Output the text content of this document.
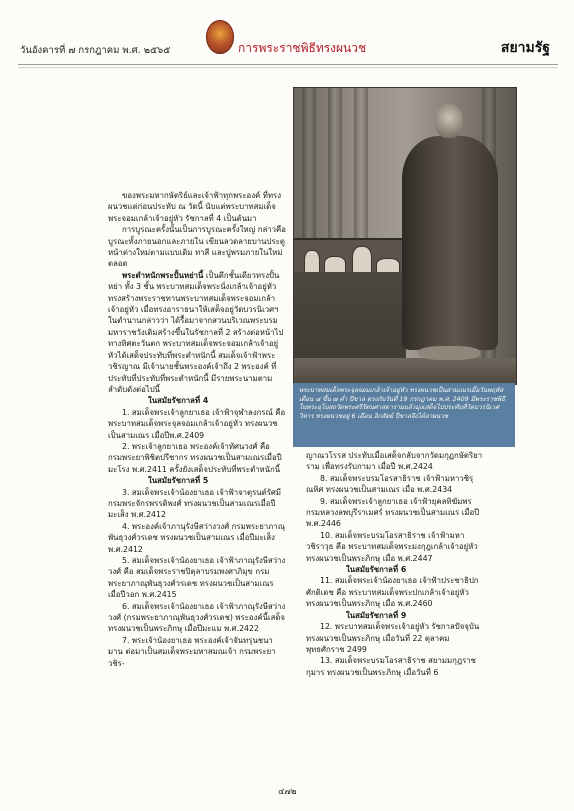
วันอังคารที่ ๗ กรกฎาคม พ.ศ. ๒๕๖๕	การพระราชพิธีทรงผนวช	สยามรัฐ
พระบาทสมเด็จพระจุลจอมเกล้าเจ้าอยู่หัว ทรงผนวชเป็นสามเณรเมื่อวันพฤหัส เดือน ๘ ขึ้น ๗ ค่ำ ปีขาล ตรงกับวันที่ 19 กรกฎาคม พ.ศ. 2409 มีพระราชพิธีในพระอุโบสถวัดพระศรีรัตนศาสดารามแล้วมุ่งเสด็จไปประทับที่วัดบวรนิเวศวิหาร ทรงผนวชอยู่ 6 เดือน ลิกสัตย์ ปีขาลจึงได้ลาผนวช

ของพระมหากษัตริย์และเจ้าฟ้าทุกพระองค์ ที่ทรงผนวชแต่ก่อนประทับ ณ วัดนี้ นับแต่พระบาทสมเด็จพระจอมเกล้าเจ้าอยู่หัว รัชกาลที่ 4 เป็นต้นมา

การบูรณะครั้งนั้นเป็นการบูรณะครั้งใหญ่ กล่าวคือบูรณะทั้งภายนอกและภายใน เขียนลวดลายบานประตูหน้าต่างใหม่ตามแบบเดิม ทาสี และปูพรมภายในใหม่ตลอด

พระตำหนักพระปั้นหย่านี้ เป็นตึกชั้นเดียวทรงปั้นหย่า ทั้ง 3 ชั้น พระบาทสมเด็จพระนั่งเกล้าเจ้าอยู่หัวทรงสร้างพระราชทานพระบาทสมเด็จพระจอมเกล้าเจ้าอยู่หัว เมื่อทรงอาราธนาให้เสด็จอยู่วัดบวรนิเวศฯ ในตำนานกล่าวว่า ได้รื้อมาจากสวนบริเวณพระบรมมหาราชวังเดิมสร้างขึ้นในรัชกาลที่ 2 สร้างต่อหน้าไปทางทิศตะวันตก พระบาทสมเด็จพระจอมเกล้าเจ้าอยู่หัวได้เสด็จประทับที่พระตำหนักนี้ สมเด็จเจ้าฟ้าพระวชิรญาณ มีเจ้านายชั้นพระองค์เจ้าถึง 2 พระองค์ ที่ประทับที่ประทับที่พระตำหนักนี้ มีรายพระนามตามลำดับดังต่อไปนี้

ในสมัยรัชกาลที่ 4

1. สมเด็จพระเจ้าลูกยาเธอ เจ้าฟ้าจุฬาลงกรณ์ คือ พระบาทสมเด็จพระจุลจอมเกล้าเจ้าอยู่หัว ทรงผนวชเป็นสามเณร เมื่อปีพ.ศ.2409

2. พระเจ้าลูกยาเธอ พระองค์เจ้าทัศนวงศ์ คือ กรมพระยาพิชิตปรีชากร ทรงผนวชเป็นสามเณรเมื่อปีมะโรง พ.ศ.2411 ครั้งยังเสด็จประทับที่พระตำหนักนี้

ในสมัยรัชกาลที่ 5

3. สมเด็จพระเจ้าน้องยาเธอ เจ้าฟ้าจาตุรนต์รัศมี กรมพระจักรพรรดิพงศ์ ทรงผนวชเป็นสามเณรเมื่อปีมะเส็ง พ.ศ.2412

4. พระองค์เจ้าภานุรังษีสว่างวงศ์ กรมพระยาภาณุพันธุวงศ์วรเดช ทรงผนวชเป็นสามเณร เมื่อปีมะเส็ง พ.ศ.2412

5. สมเด็จพระเจ้าน้องยาเธอ เจ้าฟ้าภาณุรังษีสว่างวงศ์ คือ สมเด็จพระราชปิตุลาบรมพงศาภิมุข กรมพระยาภาณุพันธุวงศ์วรเดช ทรงผนวชเป็นสามเณร เมื่อปีวอก พ.ศ.2415

6. สมเด็จพระเจ้าน้องยาเธอ เจ้าฟ้าภาณุรังษีสว่างวงศ์ (กรมพระยาภาณุพันธุวงศ์วรเดช) พระองค์นี้เสด็จทรงผนวชเป็นพระภิกษุ เมื่อปีมะแม พ.ศ.2422

7. พระเจ้าน้องยาเธอ พระองค์เจ้าจันทรุนชนามาน ต่อมาเป็นสมเด็จพระมหาสมณเจ้า กรมพระยาวชิร-

ญาณวโรรส ประทับเมื่อเสด็จกลับจากวัดมกุฏกษัตริยาราม เพื่อทรงรับกามา เมื่อปี พ.ศ.2424

8. สมเด็จพระบรมโอรสาธิราช เจ้าฟ้ามหาวชิรุณหิศ ทรงผนวชเป็นสามเณร เมื่อ พ.ศ.2434

9. สมเด็จพระเจ้าลูกยาเธอ เจ้าฟ้ายุคลทิฆัมพร กรมหลวงลพบุรีราเมศร์ ทรงผนวชเป็นสามเณร เมื่อปี พ.ศ.2446

10. สมเด็จพระบรมโอรสาธิราช เจ้าฟ้ามหาวชิราวุธ คือ พระบาทสมเด็จพระมงกุฎเกล้าเจ้าอยู่หัว ทรงผนวชเป็นพระภิกษุ เมื่อ พ.ศ.2447

ในสมัยรัชกาลที่ 6

11. สมเด็จพระเจ้าน้องยาเธอ เจ้าฟ้าประชาธิปกศักดิเดช คือ พระบาทสมเด็จพระปกเกล้าเจ้าอยู่หัว ทรงผนวชเป็นพระภิกษุ เมื่อ พ.ศ.2460

ในสมัยรัชกาลที่ 9

12. พระบาทสมเด็จพระเจ้าอยู่หัว รัชกาลปัจจุบัน ทรงผนวชเป็นพระภิกษุ เมื่อวันที่ 22 ตุลาคม พุทธศักราช 2499

13. สมเด็จพระบรมโอรสาธิราช สยามมกุฎราชกุมาร ทรงผนวชเป็นพระภิกษุ เมื่อวันที่ 6

๔๗๒
